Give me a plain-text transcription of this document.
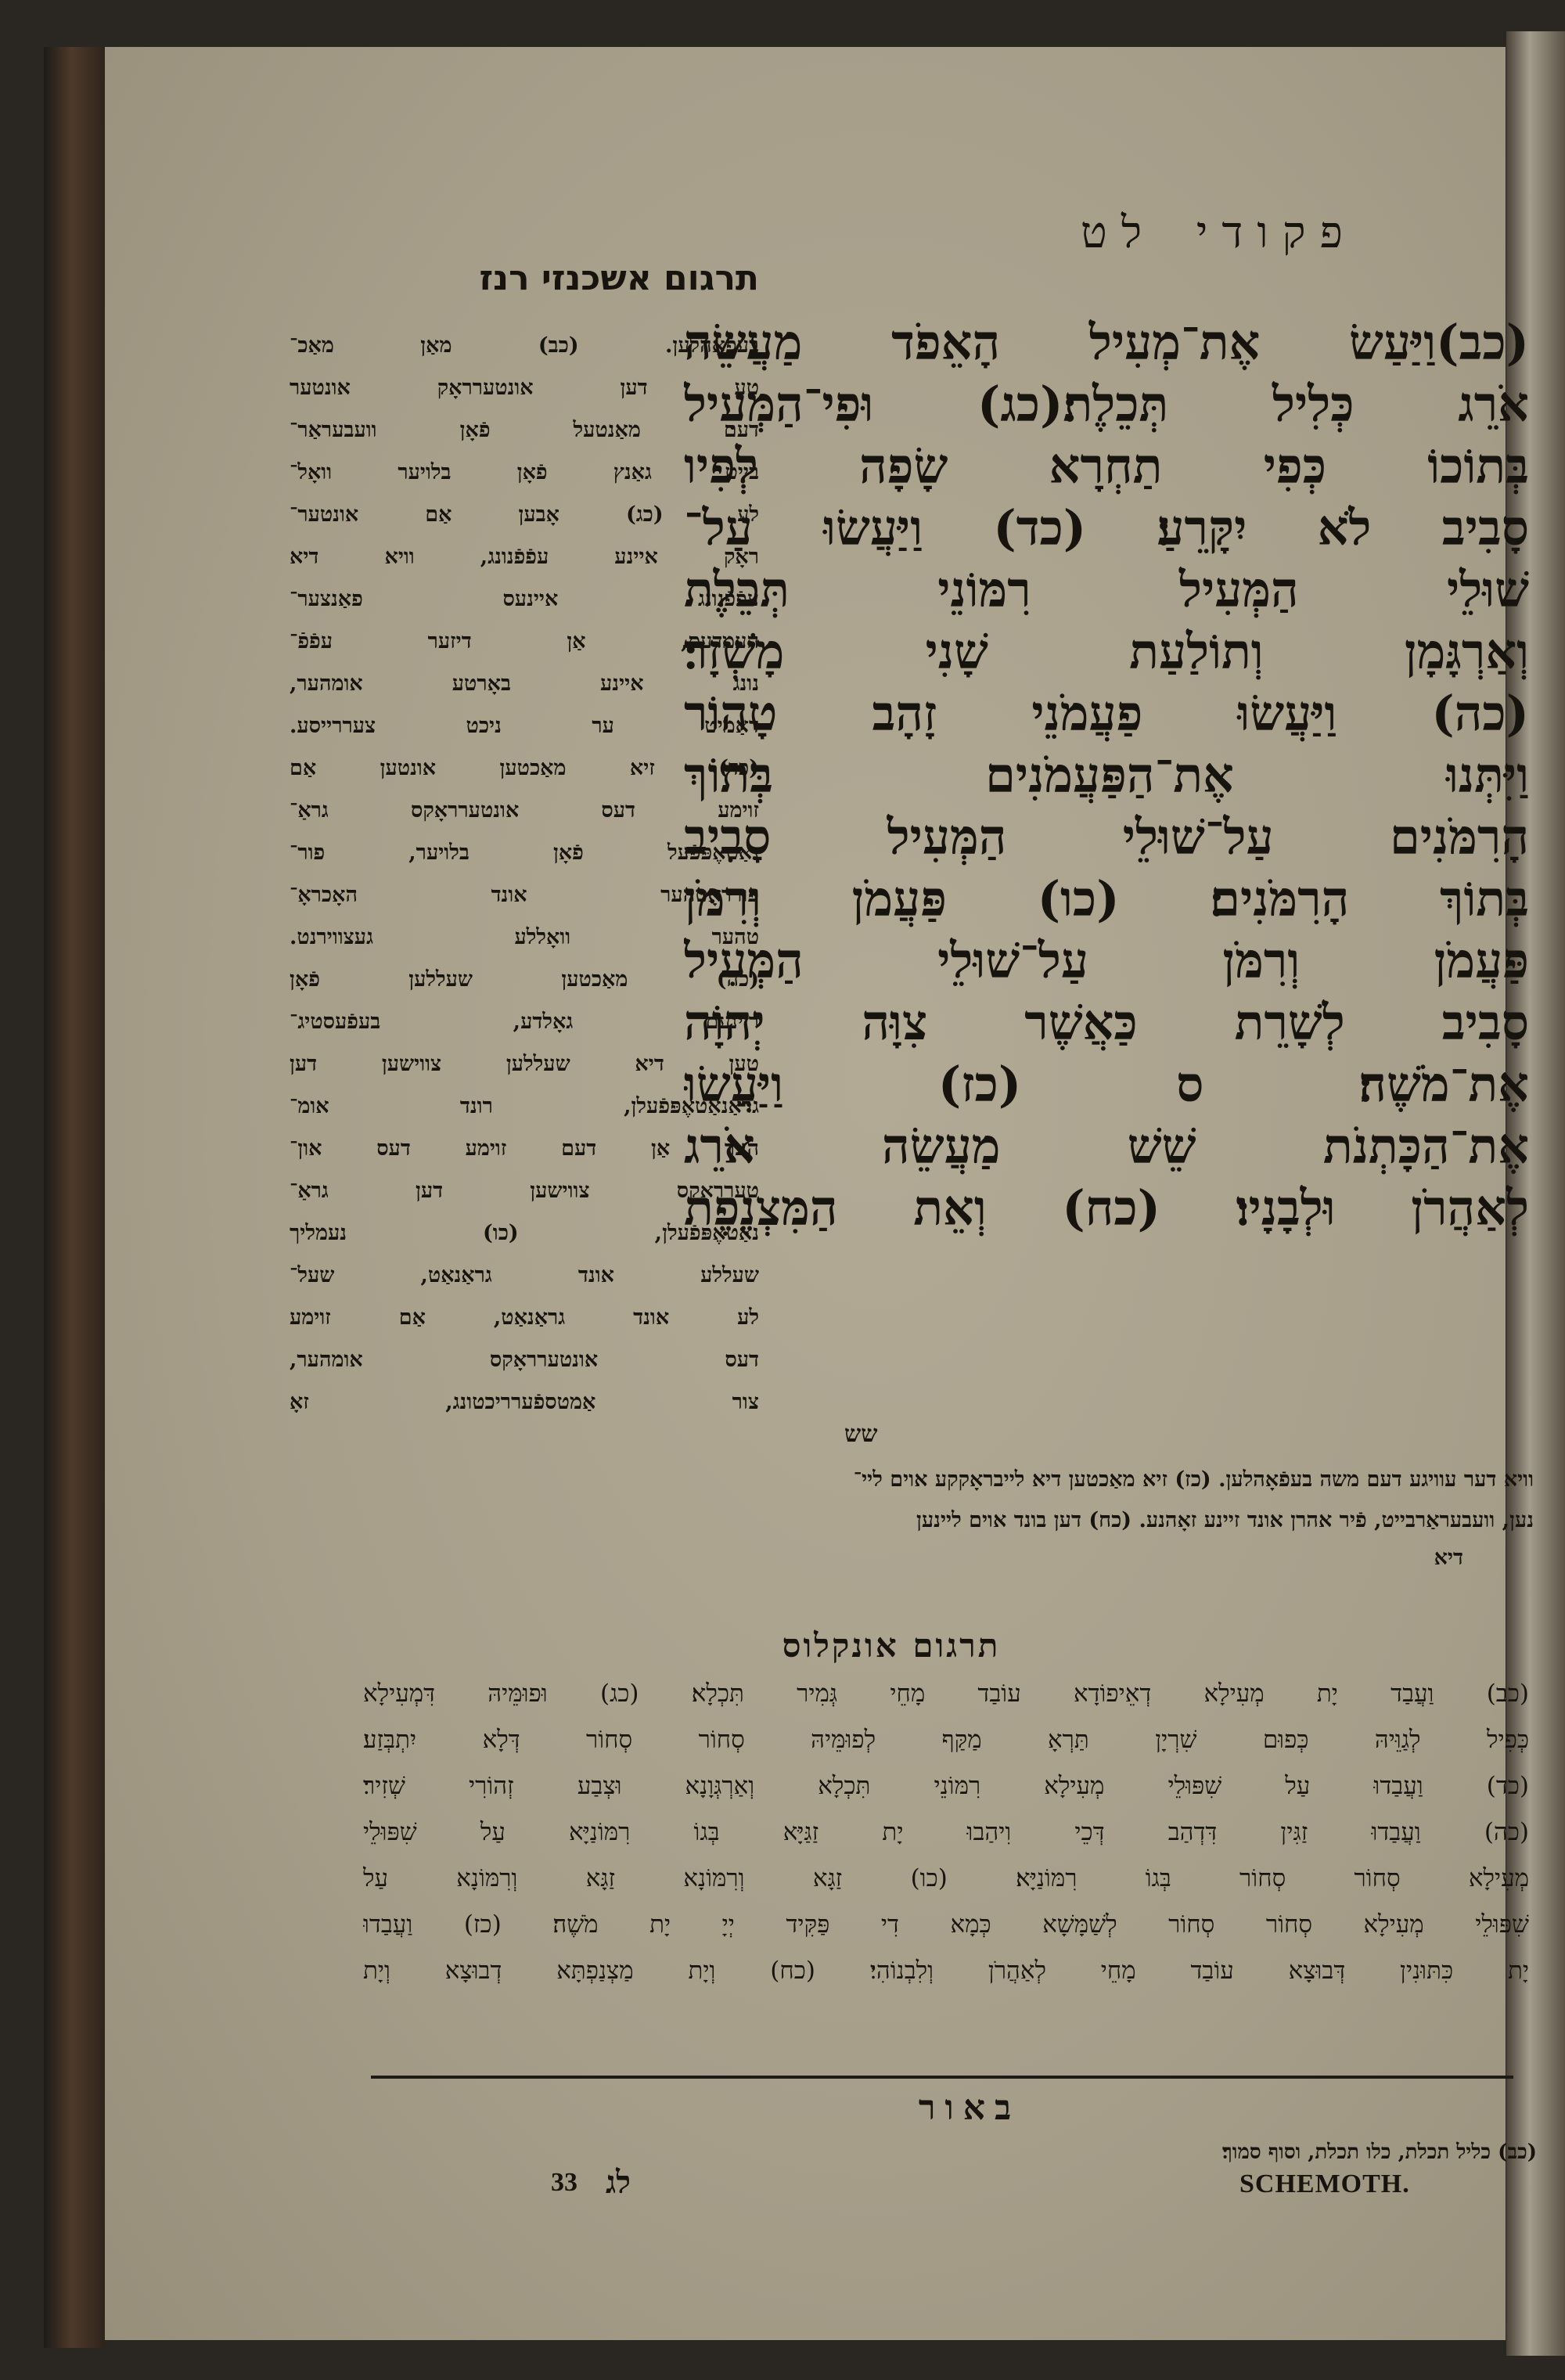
פקודי לט
תרגום אשכנזי רנז
(כב)וַיַּעַשׂ אֶת־מְעִיל הָאֵפֹד מַעֲשֵׂה
אֹרֵג כְּלִיל תְּכֵלֶת׃(כג) וּפִי־הַמְּעִיל
בְּתוֹכוֹ כְּפִי תַחְרָא שָׂפָה לְפִיו
סָבִיב לֹא יִקָּרֵעַ׃ (כד) וַיַּעֲשׂוּ עַל־
שׁוּלֵי הַמְּעִיל רִמּוֹנֵי תְּכֵלֶת
וְאַרְגָּמָן וְתוֹלַעַת שָׁנִי מָשְׁזָר׃
(כה) וַיַּעֲשׂוּ פַעֲמֹנֵי זָהָב טָהוֹר
וַיִּתְּנוּ אֶת־הַפַּעֲמֹנִים בְּתוֹךְ
הָרִמֹּנִים עַל־שׁוּלֵי הַמְּעִיל סָבִיב
בְּתוֹךְ הָרִמֹּנִים׃ (כו) פַּעֲמֹן וְרִמֹּן
פַּעֲמֹן וְרִמֹּן עַל־שׁוּלֵי הַמְּעִיל
סָבִיב לְשָׁרֵת כַּאֲשֶׁר צִוָּה יְהוָֹה
אֶת־מֹשֶׁה׃ ס (כז) וַיַּעֲשׂוּ
אֶת־הַכָּתְנֹת שֵׁשׁ מַעֲשֵׂה אֹרֵג
לְאַהֲרֹן וּלְבָנָיו׃ (כח) וְאֵת הַמִּצְנֶפֶת
שש
בעפֿאָהלען. (כב) מאַן מאַכ־
טע דען אונטערראָק אונטער
דעם מאַנטעל פֿאָן וועבעראַר־
בייט, גאַנץ פֿאָן בלויער וואָל־
לע. (כג) אָבען אַם אונטער־
ראָק איינע עפֿפֿנונג, וויא דיא
עפֿפֿנונג איינעס פאַנצער־
העמדעס, אַן דיזער עפֿפֿ־
נונג איינע באָרטע אומהער,
דאַמיט ער ניכט צעררייסע.
(כד) זיא מאַכטען אונטען אַם
זוימע דעס אונטערראָקס גראַ־
נאַטאֶפּפֿעל פֿאָן בלויער, פור־
פורראָטהער אונד האָכראָ־
טהער וואָללע געצווירנט.
(כה) מאַכטען שעללען פֿאָן
ריינעם גאָלדע, בעפֿעסטיג־
טען דיא שעללען צווישען דען
גראַנאַטאֶפּפֿעלן, רונד אומ־
הער אַן דעם זוימע דעס און־
טערראָקס צווישען דען גראַ־
נאַטאֶפּפֿעלן, (כו) נעמליך
שעללע אונד גראַנאַט, שעל־
לע אונד גראַנאַט, אַם זוימע
דעס אונטערראָקס אומהער,
צור אַמטספֿערריכטונג, זאָ
וויא דער עוויגע דעם משה בעפֿאָהלען. (כז) זיא מאַכטען דיא לייבראָקקע אוים ליי־
נען, וועבעראַרבייט, פֿיר אהרן אונד זיינע זאָהנע. (כח) דען בונד אוים ליינען
דיא
תרגום אונקלוס
(כב) וַעֲבַד יָת מְעִילָא דְאֵיפוֹדָא עוֹבַד מָחֵי גְּמִיר תִּכְלָא׃ (כג) וּפוּמֵּיהּ דִּמְעִילָא
כְּפִיל לְגַוֵּיהּ כְּפוּם שִׁרְיָן תַּרְאָ מַקַּף לְפוּמֵּיהּ סְחוֹר סְחוֹר דְּלָא יִתְבְּזַע׃
(כד) וַעֲבַדוּ עַל שִׁפּוּלֵי מְעִילָא רִמּוֹנֵי תִּכְלָא וְאַרְגְּוָנָא וּצְבַע זְהוֹרִי שְׁזִיר׃
(כה) וַעֲבַדוּ זַגִּין דִּדְהַב דְּכֵי וִיהַבוּ יָת זַגַּיָּא בְּגוֹ רִמּוֹנַיָּא עַל שִׁפּוּלֵי
מְעִילָא סְחוֹר סְחוֹר בְּגוֹ רִמּוֹנַיָּא׃ (כו) זַגָּא וְרִמּוֹנָא זַגָּא וְרִמּוֹנָא עַל
שִׁפּוּלֵי מְעִילָא סְחוֹר סְחוֹר לְשַׁמָּשָׁא כְּמָא דִי פַּקִּיד יְיָ יָת מֹשֶׁה׃ (כז) וַעֲבַדוּ
יָת כִּתּוּנִין דְּבוּצָא עוֹבַד מָחֵי לְאַהֲרֹן וְלִבְנוֹהִי׃ (כח) וְיָת מַצְנַפְתָּא דְבוּצָא וְיָת
באור
(כב) כליל תכלת, כלו תכלת, וסוף סמוך׃
33 לג	SCHEMOTH.
